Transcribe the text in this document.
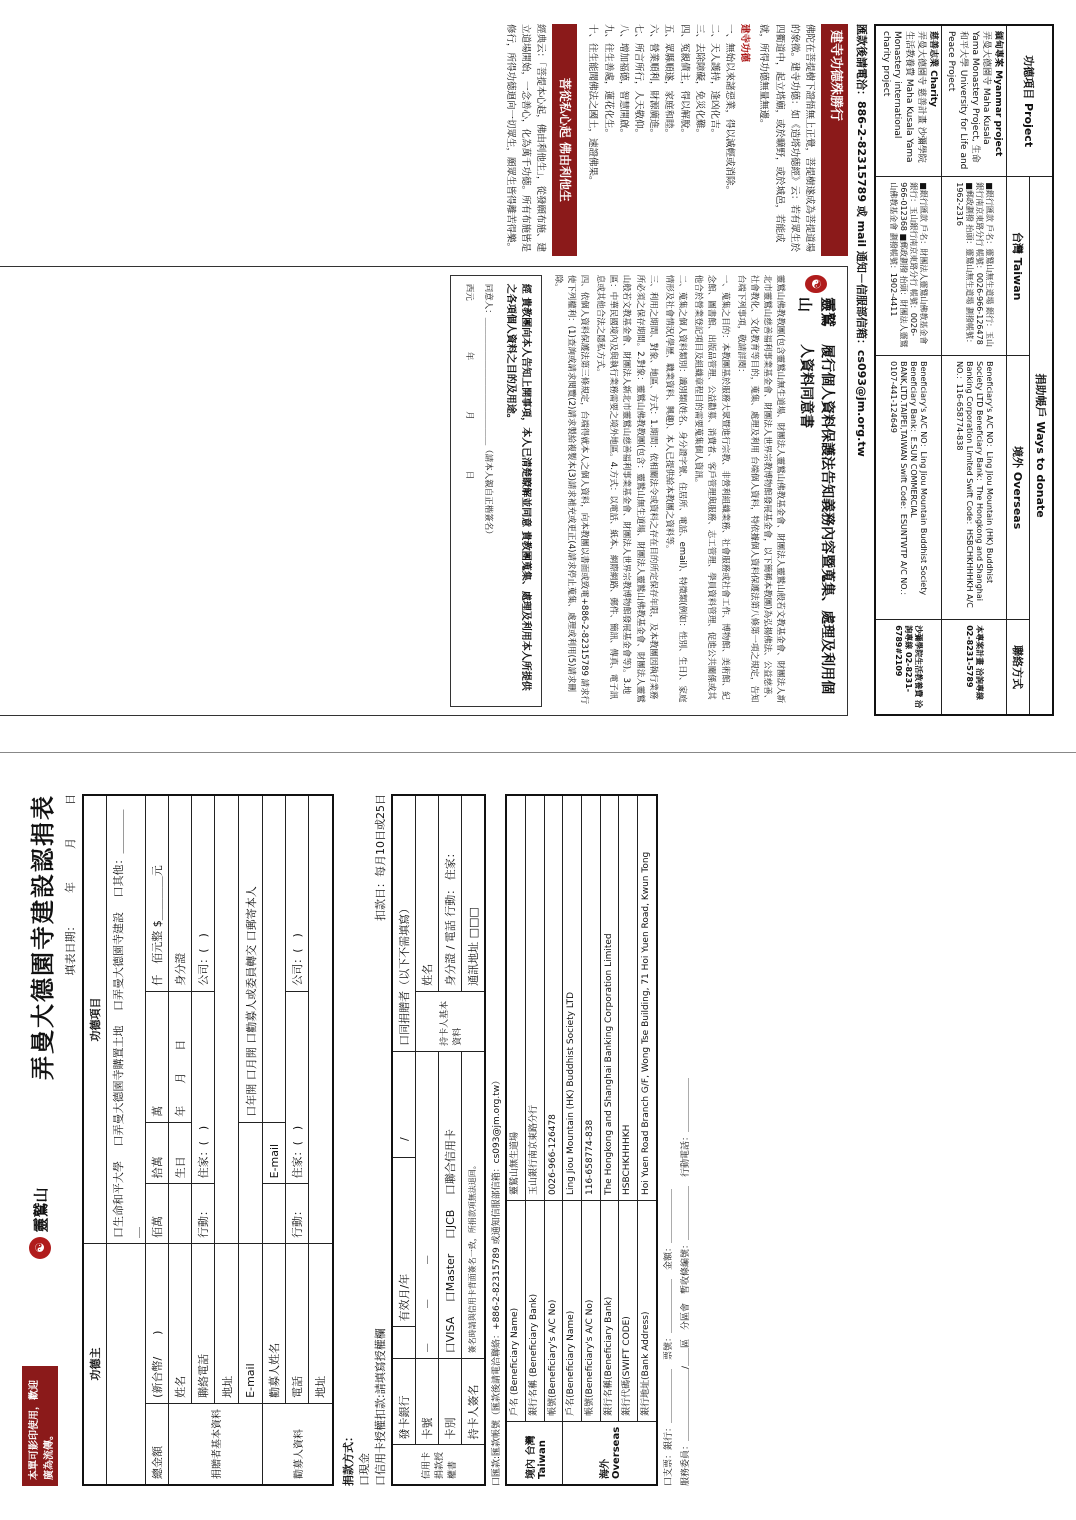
功德項目 Project	捐助帳戶 Ways to donate		
	台灣 Taiwan	境外 Overseas	聯絡方式
緬甸專案 Myanmar project
弄曼大德園寺 Maha Kusala Yama Monastery Project, 生命和平大學 University for Life and Peace Project	■銀行匯款 戶名：靈鷲山無生道場 銀行：玉山銀行南京東路分行 帳號：0026-966-126478 ■郵政劃撥 抬頭：靈鷲山無生道場 劃撥帳號：1962-2316	Beneficiary's A/C NO：Ling Jiou Mountain (HK) Buddhist Society LTD Beneficiary Bank：The Hongkong and Shanghai Banking Corporation Limited Swift Code：HSBCHKHHHKH A/C NO.：116-658774-838	本專案計畫 洽詢專線 02-8231-5789
慈善志業 Charity
弄曼大德園寺 慈善計畫 沙彌學院生活教養費 Maha Kusala Yama Monastery international charity project	■銀行匯款 戶名：財團法人靈鷲山佛教基金會 銀行：玉山銀行南京東路分行 帳號：0026-966-012368 ■郵政劃撥 抬頭：財團法人靈鷲山佛教基金會 劃撥帳號：1902-4411	Beneficiary's A/C NO：Ling Jiou Mountain Buddhist Society Beneficiary Bank：E.SUN COMMERCIAL BANK,LTD.TAIPEI,TAIWAN Swift Code：ESUNTWTP A/C NO.：0107-441-124649	沙彌學院生活教養費 洽詢專線 02-8231-6789#2109
匯款後請電洽：886-2-82315789 或 mail 通知－信服部信箱：cs093@jm.org.tw
建寺功德殊勝行

佛陀在菩提樹下證悟無上正覺，菩提樹遂成為菩提道場的象徵。建寺功德：如《造塔功德經》云：若有眾生於四衢道中，起立塔廟，或於曠野，或於城邑，若能成就，所得功德無量無邊。

建寺功德
一、無始以來諸惡業，得以減輕或消除。
二、天人護持，逢凶化吉。
三、去除障礙，免災化難。
四、冤親債主，得以解脫。
五、眾縣順遂，家庭和睦。
六、營業順利，財源廣進。
七、所言所行，人天敬仰。
八、增加福德，智慧開啟。
九、往生善處，蓮花化生。
十、往生能聞佛法之國土，速證佛果。
菩從私心起 佛由利他生

經典云：「菩提本心起，佛由利他生」，從發願布施、建立道場開始，一念善心，化為萬千功德。所有布施皆是修行，所得功德迴向一切眾生，願眾生皆得離苦得樂。

☯
靈鷲山
履行個人資料保護法告知義務內容暨蒐集、處理及利用個人資料同意書

靈鷲山佛教教團(包含靈鷲山無生道場、財團法人靈鷲山佛教基金會、財團法人靈鷲山般若文教基金會、財團法人新北市靈鷲山慈善福利事業基金會、財團法人世界宗教博物館發展基金會，以下簡稱本教團)為弘揚佛法、公益慈善、社會教化、文化教育等目的，蒐集、處理及利用 台端個人資料，特依據個人資料保護法第八條第一項之規定，告知 台端下列事項，敬請詳閱：

一、蒐集之目的：本教團基於服務大眾暨進行宗教、非營利組織業務、社會服務或社會工作、博物館、美術館、紀念館、圖書館、出版品管理、公益勸募、消費者、客戶管理與服務、志工管理、學員資料管理、促進公共關係或其他合於營業登記項目及組織章程目的需要蒐集個人資訊。

二、蒐集之個人資料類別：識別類(姓名、身分證字號、住居所、電話、email)、特徵類(例如：性別、生日)、家庭情形及社會情況(學歷、職業資料、興趣)、本人已提供給本教團之資料等。

三、利用之期間、對象、地區、方式：1.期間：依相關法令或資料之存在目的所定保存年限，及本教團因執行業務所必須之保存期間。2.對象：靈鷲山佛教教團(包含：靈鷲山無生道場、財團法人靈鷲山佛教基金會、財團法人靈鷲山般若文教基金會、財團法人新北市靈鷲山慈善福利事業基金會、財團法人世界宗教博物館發展基金會等)。3.地區：中華民國境內及與執行業務需要之境外地區。4.方式：以電話、紙本、網際網路、郵件、簡訊、傳真、電子訊息或其他合法之隱私方式。

四、依個人資料保護法第三條規定，台端得就本人之個人資料，向本教團以書面或致電+886-2-82315789 請求行使下列權利：(1)查詢或請求閱覽(2)請求製給複製本(3)請求補充或更正(4)請求停止蒐集、處理或利用(5)請求刪除。

經 貴教團向本人告知上開事項，本人已清楚瞭解並同意 貴教團蒐集、處理及利用本人所提供之各項個人資料之目的及用途。

同意人：＿＿＿＿＿＿＿＿＿＿＿＿＿＿＿（請本人親自正楷簽名）

西元　　　　　　年　　　　　　月　　　　　　日

本單可影印使用，歡迎廣為流傳。
☯
靈鷲山
弄曼大德園寺建設認捐表 填表日期：　　　年　　　月　　　日
功德主		功德項目			
		口生命和平大學　 口弄曼大德園寺購置土地　 口弄曼大德園寺建設　 口其他：＿＿＿＿＿			
總金額	(新台幣/　　)	佰萬	拾萬	萬	仟　佰元整 $＿＿＿＿元
捐贈者基本資料	姓名		生日	年　　月　　日	身分證
	聯絡電話	行動：	住家：(　)		公司：(　)
	地址				
	E-mail			口年開 口月開 口勸募人或委員轉交 口郵寄本人	
勸募人資料	勸募人姓名		E-mail		
	電話	行動：	住家：(　)		公司：(　)
	地址				
捐款方式： 口現金 口信用卡授權扣款:請填寫授權欄
扣款日：每月10日或25日
信用卡捐款授權書	發卡銀行		有效月/年	　/　	口同捐贈者（以下不需填寫）	
	卡號	－　　　－　　　－			持卡人基本資料	姓名
	卡別	口VISA　 口Master　 口JCB　 口聯合信用卡				身分證 / 電話 行動： 住家：
	持卡人簽名	簽名時請與信用卡背面簽名一致，所捐款項無法退回。				通訊地址 □□□
口匯款:匯款帳號（匯款後請電洽聯絡：+886-2-82315789 或通知信服部信箱：cs093@jm.org.tw） 境內 台灣 Taiwan	戶名 (Beneficiary Name)	靈鷲山無生道場
	銀行名稱 (Beneficiary Bank)	玉山銀行南京東路分行
	帳號(Beneficiary's A/C No)	0026-966-126478
海外 Overseas	戶名(Beneficiary Name)	Ling Jiou Mountain (HK) Buddhist Society LTD
	帳號(Beneficiary's A/C No)	116-658774-838
	銀行名稱(Beneficiary Bank)	The Hongkong and Shanghai Banking Corporation Limited
	銀行代碼(SWIFT CODE)	HSBCHKHHHKH
	銀行地址(Bank Address)	Hoi Yuen Road Branch G/F, Wong Tse Building, 71 Hoi Yuen Road, Kwun Tong
口支票：銀行：＿＿＿＿＿＿　票號：＿＿＿＿＿＿　金額：＿＿＿＿＿＿ 服務委員：＿＿＿＿＿＿＿＿/＿＿區　分區會　暫收條編號：＿＿＿＿＿＿　行動電話：＿＿＿＿＿＿
